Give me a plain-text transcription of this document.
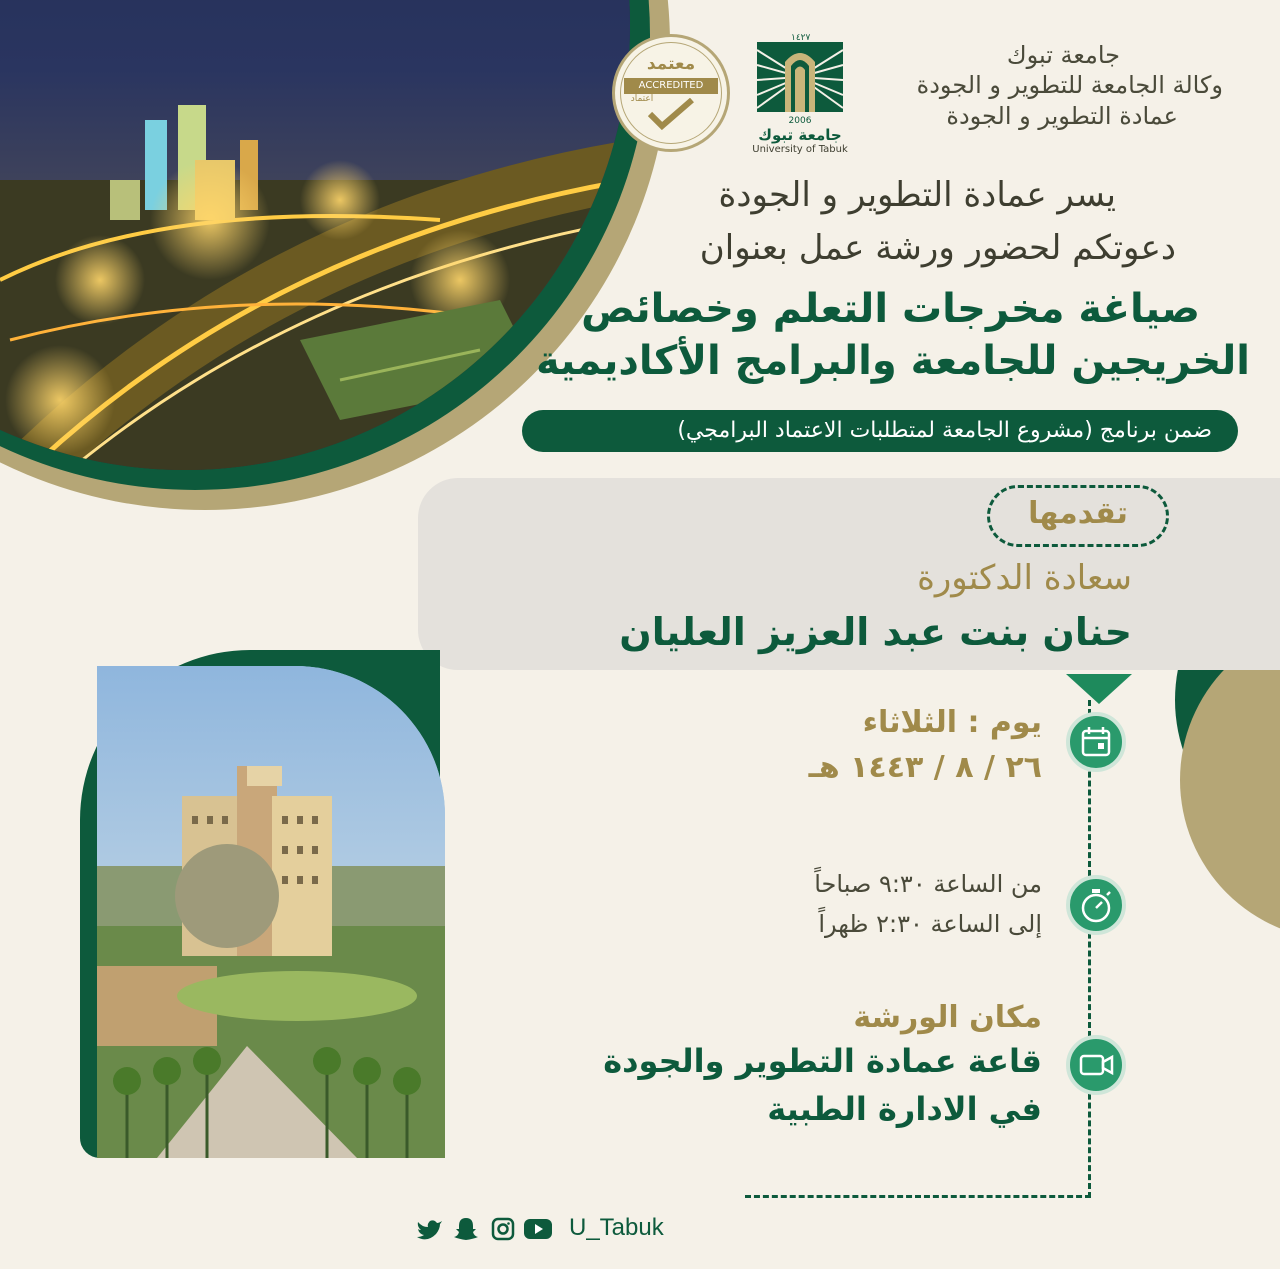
جامعة تبوك
وكالة الجامعة للتطوير و الجودة
عمادة التطوير و الجودة
١٤٢٧
2006
جامعة تبوك
University of Tabuk
معتمد
ACCREDITED
اعتماد
يسر عمادة التطوير و الجودة
دعوتكم لحضور ورشة عمل بعنوان
صياغة مخرجات التعلم وخصائص
الخريجين للجامعة والبرامج الأكاديمية
ضمن برنامج (مشروع الجامعة لمتطلبات الاعتماد البرامجي)
تقدمها
سعادة الدكتورة
حنان بنت عبد العزيز العليان
يوم : الثلاثاء
٢٦ / ٨ / ١٤٤٣ هـ
من الساعة ٩:٣٠ صباحاً
إلى الساعة ٢:٣٠ ظهراً
مكان الورشة
قاعة عمادة التطوير والجودة
في الادارة الطبية
U_Tabuk
